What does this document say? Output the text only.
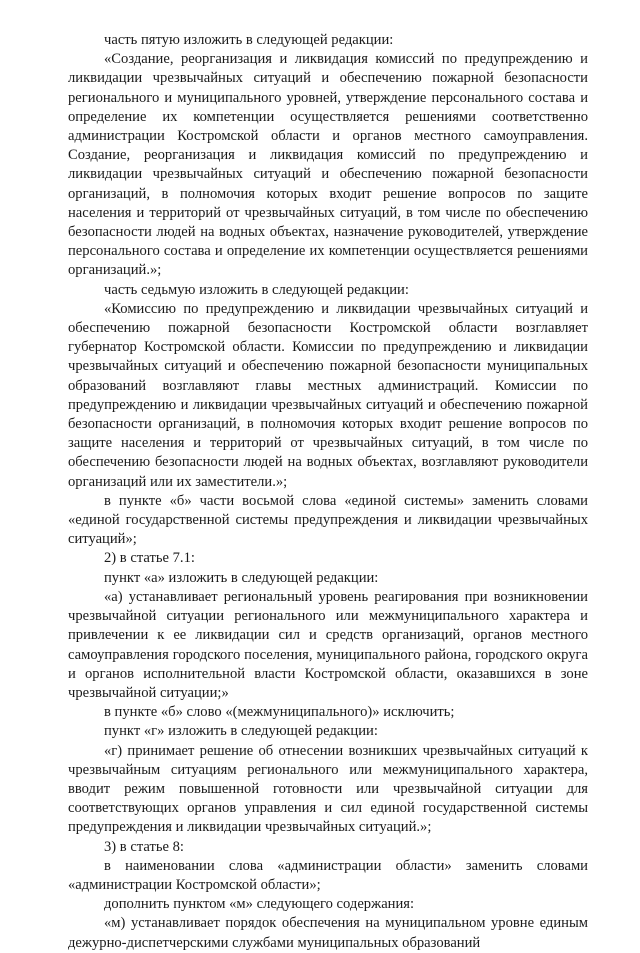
часть пятую изложить в следующей редакции:

«Создание, реорганизация и ликвидация комиссий по предупреждению и ликвидации чрезвычайных ситуаций и обеспечению пожарной безопасности регионального и муниципального уровней, утверждение персонального состава и определение их компетенции осуществляется решениями соответственно администрации Костромской области и органов местного самоуправления. Создание, реорганизация и ликвидация комиссий по предупреждению и ликвидации чрезвычайных ситуаций и обеспечению пожарной безопасности организаций, в полномочия которых входит решение вопросов по защите населения и территорий от чрезвычайных ситуаций, в том числе по обеспечению безопасности людей на водных объектах, назначение руководителей, утверждение персонального состава и определение их компетенции осуществляется решениями организаций.»;

часть седьмую изложить в следующей редакции:

«Комиссию по предупреждению и ликвидации чрезвычайных ситуаций и обеспечению пожарной безопасности Костромской области возглавляет губернатор Костромской области. Комиссии по предупреждению и ликвидации чрезвычайных ситуаций и обеспечению пожарной безопасности муниципальных образований возглавляют главы местных администраций. Комиссии по предупреждению и ликвидации чрезвычайных ситуаций и обеспечению пожарной безопасности организаций, в полномочия которых входит решение вопросов по защите населения и территорий от чрезвычайных ситуаций, в том числе по обеспечению безопасности людей на водных объектах, возглавляют руководители организаций или их заместители.»;

в пункте «б» части восьмой слова «единой системы» заменить словами «единой государственной системы предупреждения и ликвидации чрезвычайных ситуаций»;

2) в статье 7.1:

пункт «а» изложить в следующей редакции:

«а) устанавливает региональный уровень реагирования при возникновении чрезвычайной ситуации регионального или межмуниципального характера и привлечении к ее ликвидации сил и средств организаций, органов местного самоуправления городского поселения, муниципального района, городского округа и органов исполнительной власти Костромской области, оказавшихся в зоне чрезвычайной ситуации;»

в пункте «б» слово «(межмуниципального)» исключить;

пункт «г» изложить в следующей редакции:

«г) принимает решение об отнесении возникших чрезвычайных ситуаций к чрезвычайным ситуациям регионального или межмуниципального характера, вводит режим повышенной готовности или чрезвычайной ситуации для соответствующих органов управления и сил единой государственной системы предупреждения и ликвидации чрезвычайных ситуаций.»;

3) в статье 8:

в наименовании слова «администрации области» заменить словами «администрации Костромской области»;

дополнить пунктом «м» следующего содержания:

«м) устанавливает порядок обеспечения на муниципальном уровне единым дежурно-диспетчерскими службами муниципальных образований
